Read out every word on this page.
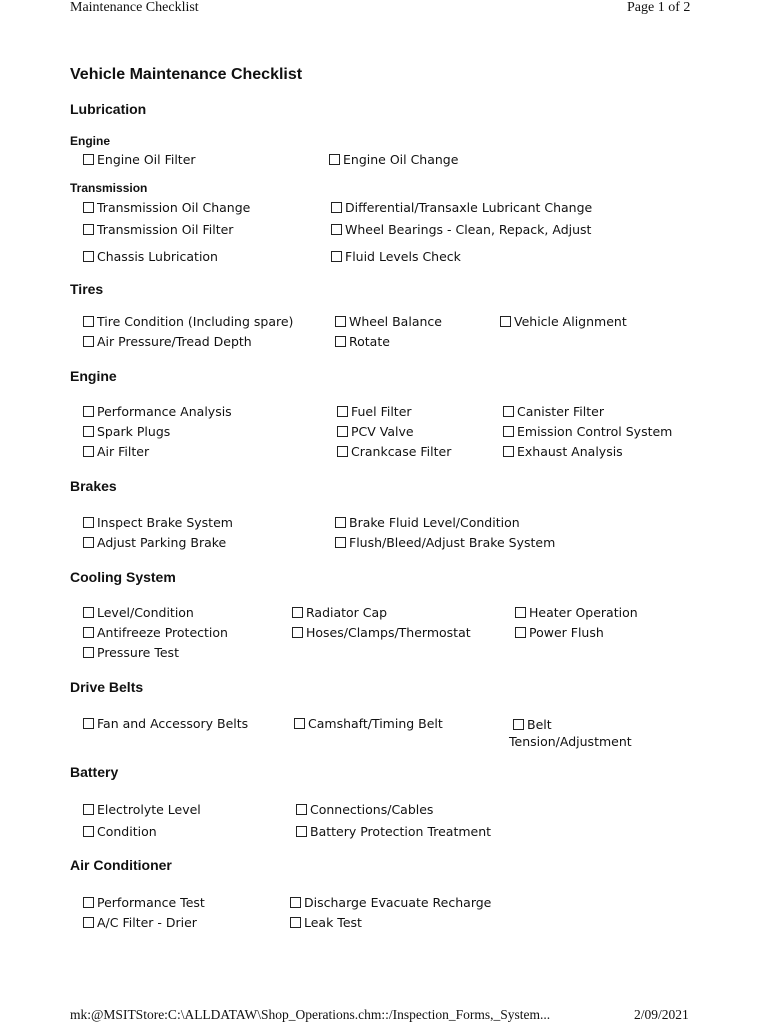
Maintenance Checklist	Page 1 of 2
Vehicle Maintenance Checklist
Lubrication
Engine
Engine Oil Filter	Engine Oil Change
Transmission
Transmission Oil Change	Differential/Transaxle Lubricant Change
Transmission Oil Filter	Wheel Bearings - Clean, Repack, Adjust
Chassis Lubrication	Fluid Levels Check
Tires
Tire Condition (Including spare)	Wheel Balance	Vehicle Alignment
Air Pressure/Tread Depth	Rotate
Engine
Performance Analysis	Fuel Filter	Canister Filter
Spark Plugs	PCV Valve	Emission Control System
Air Filter	Crankcase Filter	Exhaust Analysis
Brakes
Inspect Brake System	Brake Fluid Level/Condition
Adjust Parking Brake	Flush/Bleed/Adjust Brake System
Cooling System
Level/Condition	Radiator Cap	Heater Operation
Antifreeze Protection	Hoses/Clamps/Thermostat	Power Flush
Pressure Test
Drive Belts
Fan and Accessory Belts	Camshaft/Timing Belt	Belt Tension/Adjustment
Battery
Electrolyte Level	Connections/Cables
Condition	Battery Protection Treatment
Air Conditioner
Performance Test	Discharge Evacuate Recharge
A/C Filter - Drier	Leak Test
mk:@MSITStore:C:\ALLDATAW\Shop_Operations.chm::/Inspection_Forms,_System...	2/09/2021
